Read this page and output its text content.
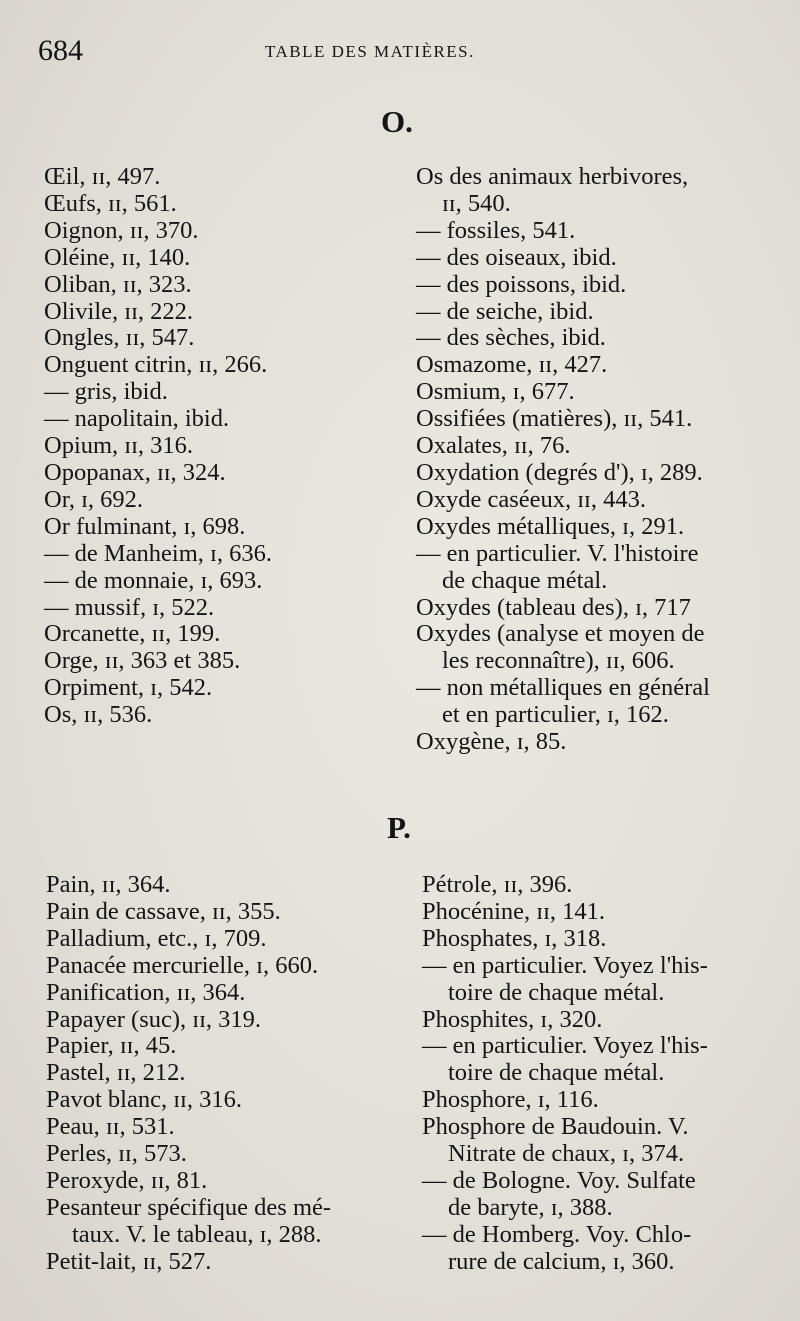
684	TABLE DES MATIÈRES.
O.
Œil, ɪɪ, 497.
Œufs, ɪɪ, 561.
Oignon, ɪɪ, 370.
Oléine, ɪɪ, 140.
Oliban, ɪɪ, 323.
Olivile, ɪɪ, 222.
Ongles, ɪɪ, 547.
Onguent citrin, ɪɪ, 266.
— gris, ibid.
— napolitain, ibid.
Opium, ɪɪ, 316.
Opopanax, ɪɪ, 324.
Or, ɪ, 692.
Or fulminant, ɪ, 698.
— de Manheim, ɪ, 636.
— de monnaie, ɪ, 693.
— mussif, ɪ, 522.
Orcanette, ɪɪ, 199.
Orge, ɪɪ, 363 et 385.
Orpiment, ɪ, 542.
Os, ɪɪ, 536.
Os des animaux herbivores,
ɪɪ, 540.
— fossiles, 541.
— des oiseaux, ibid.
— des poissons, ibid.
— de seiche, ibid.
— des sèches, ibid.
Osmazome, ɪɪ, 427.
Osmium, ɪ, 677.
Ossifiées (matières), ɪɪ, 541.
Oxalates, ɪɪ, 76.
Oxydation (degrés d'), ɪ, 289.
Oxyde caséeux, ɪɪ, 443.
Oxydes métalliques, ɪ, 291.
— en particulier. V. l'histoire
de chaque métal.
Oxydes (tableau des), ɪ, 717
Oxydes (analyse et moyen de
les reconnaître), ɪɪ, 606.
— non métalliques en général
et en particulier, ɪ, 162.
Oxygène, ɪ, 85.
P.
Pain, ɪɪ, 364.
Pain de cassave, ɪɪ, 355.
Palladium, etc., ɪ, 709.
Panacée mercurielle, ɪ, 660.
Panification, ɪɪ, 364.
Papayer (suc), ɪɪ, 319.
Papier, ɪɪ, 45.
Pastel, ɪɪ, 212.
Pavot blanc, ɪɪ, 316.
Peau, ɪɪ, 531.
Perles, ɪɪ, 573.
Peroxyde, ɪɪ, 81.
Pesanteur spécifique des mé-
taux. V. le tableau, ɪ, 288.
Petit-lait, ɪɪ, 527.
Pétrole, ɪɪ, 396.
Phocénine, ɪɪ, 141.
Phosphates, ɪ, 318.
— en particulier. Voyez l'his-
toire de chaque métal.
Phosphites, ɪ, 320.
— en particulier. Voyez l'his-
toire de chaque métal.
Phosphore, ɪ, 116.
Phosphore de Baudouin. V.
Nitrate de chaux, ɪ, 374.
— de Bologne. Voy. Sulfate
de baryte, ɪ, 388.
— de Homberg. Voy. Chlo-
rure de calcium, ɪ, 360.
